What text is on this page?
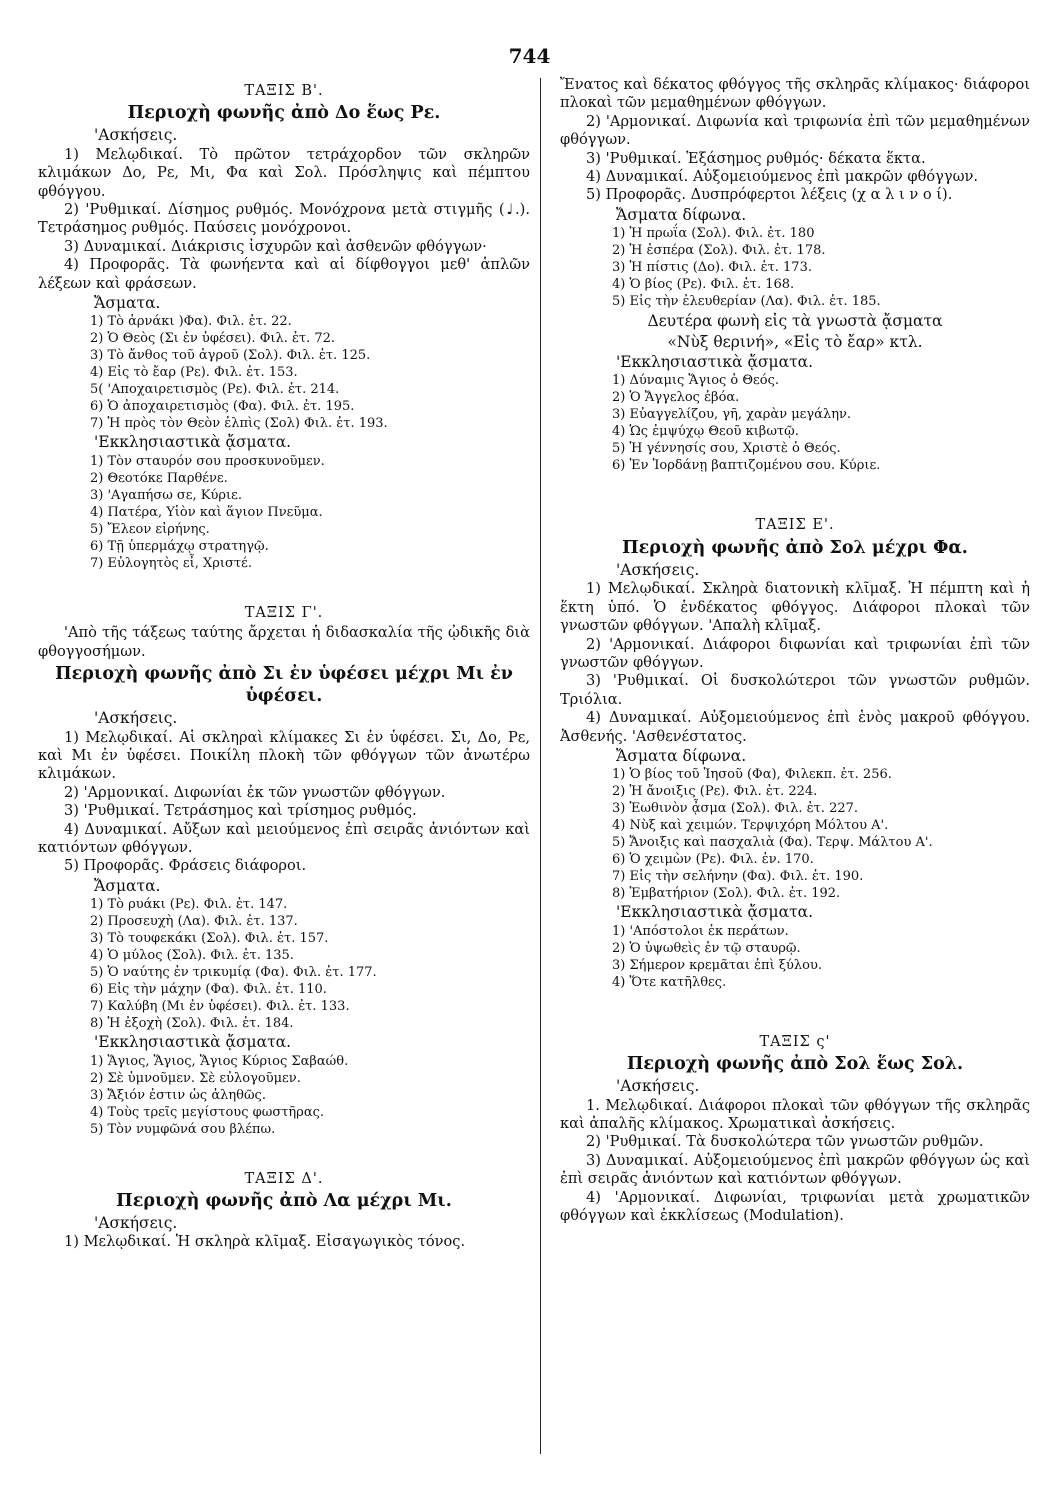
744
ΤΑΞΙΣ Β'.
Περιοχὴ φωνῆς ἀπὸ Δο ἕως Ρε.
'Ασκήσεις.

1) Μελῳδικαί. Τὸ πρῶτον τετράχορδον τῶν σκληρῶν κλιμάκων Δο, Ρε, Μι, Φα καὶ Σολ. Πρόσληψις καὶ πέμπτου φθόγγου.

2) 'Ρυθμικαί. Δίσημος ρυθμός. Μονόχρονα μετὰ στιγμῆς (♩.). Τετράσημος ρυθμός. Παύσεις μονόχρονοι.

3) Δυναμικαί. Διάκρισις ἰσχυρῶν καὶ ἀσθενῶν φθόγγων·

4) Προφορᾶς. Τὰ φωνήεντα καὶ αἱ δίφθογγοι μεθ' ἁπλῶν λέξεων καὶ φράσεων.

Ἄσματα.
1) Τὸ ἀρνάκι )Φα). Φιλ. ἐτ. 22.
2) Ὁ Θεὸς (Σι ἐν ὑφέσει). Φιλ. ἐτ. 72.
3) Τὸ ἄνθος τοῦ ἀγροῦ (Σολ). Φιλ. ἐτ. 125.
4) Εἰς τὸ ἔαρ (Ρε). Φιλ. ἐτ. 153.
5( 'Αποχαιρετισμὸς (Ρε). Φιλ. ἐτ. 214.
6) Ὁ ἀποχαιρετισμὸς (Φα). Φιλ. ἐτ. 195.
7) Ἡ πρὸς τὸν Θεὸν ἐλπὶς (Σολ) Φιλ. ἐτ. 193.
'Εκκλησιαστικὰ ᾄσματα.
1) Τὸν σταυρόν σου προσκυνοῦμεν.
2) Θεοτόκε Παρθένε.
3) 'Αγαπήσω σε, Κύριε.
4) Πατέρα, Υἱὸν καὶ ἅγιον Πνεῦμα.
5) Ἔλεον εἰρήνης.
6) Τῇ ὑπερμάχῳ στρατηγῷ.
7) Εὐλογητὸς εἶ, Χριστέ.
ΤΑΞΙΣ Γ'.

'Απὸ τῆς τάξεως ταύτης ἄρχεται ἡ διδασκαλία τῆς ᾠδικῆς διὰ φθογγοσήμων.

Περιοχὴ φωνῆς ἀπὸ Σι ἐν ὑφέσει μέχρι Μι ἐν ὑφέσει.
'Ασκήσεις.

1) Μελῳδικαί. Αἱ σκληραὶ κλίμακες Σι ἐν ὑφέσει. Σι, Δο, Ρε, καὶ Μι ἐν ὑφέσει. Ποικίλη πλοκὴ τῶν φθόγγων τῶν ἀνωτέρω κλιμάκων.

2) 'Αρμονικαί. Διφωνίαι ἐκ τῶν γνωστῶν φθόγγων.

3) 'Ρυθμικαί. Τετράσημος καὶ τρίσημος ρυθμός.

4) Δυναμικαί. Αὔξων καὶ μειούμενος ἐπὶ σειρᾶς ἀνιόντων καὶ κατιόντων φθόγγων.

5) Προφορᾶς. Φράσεις διάφοροι.

Ἄσματα.
1) Τὸ ρυάκι (Ρε). Φιλ. ἐτ. 147.
2) Προσευχὴ (Λα). Φιλ. ἐτ. 137.
3) Τὸ τουφεκάκι (Σολ). Φιλ. ἐτ. 157.
4) Ὁ μύλος (Σολ). Φιλ. ἐτ. 135.
5) Ὁ ναύτης ἐν τρικυμίᾳ (Φα). Φιλ. ἐτ. 177.
6) Εἰς τὴν μάχην (Φα). Φιλ. ἐτ. 110.
7) Καλύβη (Μι ἐν ὑφέσει). Φιλ. ἐτ. 133.
8) Ἡ ἐξοχὴ (Σολ). Φιλ. ἐτ. 184.
'Εκκλησιαστικὰ ᾄσματα.
1) Ἅγιος, Ἅγιος, Ἅγιος Κύριος Σαβαώθ.
2) Σὲ ὑμνοῦμεν. Σὲ εὐλογοῦμεν.
3) Ἄξιόν ἐστιν ὡς ἀληθῶς.
4) Τοὺς τρεῖς μεγίστους φωστῆρας.
5) Τὸν νυμφῶνά σου βλέπω.
ΤΑΞΙΣ Δ'.
Περιοχὴ φωνῆς ἀπὸ Λα μέχρι Μι.
'Ασκήσεις.

1) Μελῳδικαί. Ἡ σκληρὰ κλῖμαξ. Εἰσαγωγικὸς τόνος.

Ἔνατος καὶ δέκατος φθόγγος τῆς σκληρᾶς κλίμακος· διάφοροι πλοκαὶ τῶν μεμαθημένων φθόγγων.

2) 'Αρμονικαί. Διφωνία καὶ τριφωνία ἐπὶ τῶν μεμαθημένων φθόγγων.

3) 'Ρυθμικαί. Ἑξάσημος ρυθμός· δέκατα ἕκτα.

4) Δυναμικαί. Αὐξομειούμενος ἐπὶ μακρῶν φθόγγων.

5) Προφορᾶς. Δυσπρόφερτοι λέξεις (χ α λ ι ν ο ί).

Ἄσματα δίφωνα.
1) Ἡ πρωΐα (Σολ). Φιλ. ἐτ. 180
2) Ἡ ἑσπέρα (Σολ). Φιλ. ἐτ. 178.
3) Ἡ πίστις (Δο). Φιλ. ἐτ. 173.
4) Ὁ βίος (Ρε). Φιλ. ἐτ. 168.
5) Εἰς τὴν ἐλευθερίαν (Λα). Φιλ. ἐτ. 185.
Δευτέρα φωνὴ εἰς τὰ γνωστὰ ᾄσματα
«Νὺξ θερινή», «Εἰς τὸ ἔαρ» κτλ.
'Εκκλησιαστικὰ ᾄσματα.
1) Δύναμις Ἅγιος ὁ Θεός.
2) Ὁ Ἄγγελος ἐβόα.
3) Εὐαγγελίζου, γῆ, χαρὰν μεγάλην.
4) Ὡς ἐμψύχῳ Θεοῦ κιβωτῷ.
5) Ἡ γέννησίς σου, Χριστὲ ὁ Θεός.
6) Ἐν Ἰορδάνῃ βαπτιζομένου σου. Κύριε.
ΤΑΞΙΣ Ε'.
Περιοχὴ φωνῆς ἀπὸ Σολ μέχρι Φα.
'Ασκήσεις.

1) Μελῳδικαί. Σκληρὰ διατονικὴ κλῖμαξ. Ἡ πέμπτη καὶ ἡ ἕκτη ὑπό. Ὁ ἑνδέκατος φθόγγος. Διάφοροι πλοκαὶ τῶν γνωστῶν φθόγγων. 'Απαλὴ κλῖμαξ.

2) 'Αρμονικαί. Διάφοροι διφωνίαι καὶ τριφωνίαι ἐπὶ τῶν γνωστῶν φθόγγων.

3) 'Ρυθμικαί. Οἱ δυσκολώτεροι τῶν γνωστῶν ρυθμῶν. Τριόλια.

4) Δυναμικαί. Αὐξομειούμενος ἐπὶ ἑνὸς μακροῦ φθόγγου. Ἀσθενής. 'Ασθενέστατος.

Ἄσματα δίφωνα.
1) Ὁ βίος τοῦ Ἰησοῦ (Φα), Φιλεκπ. ἐτ. 256.
2) Ἡ ἄνοιξις (Ρε). Φιλ. ἐτ. 224.
3) Ἑωθινὸν ᾆσμα (Σολ). Φιλ. ἐτ. 227.
4) Νὺξ καὶ χειμών. Τερψιχόρη Μόλτου Α'.
5) Ἄνοιξις καὶ πασχαλιὰ (Φα). Τερψ. Μάλτου Α'.
6) Ὁ χειμὼν (Ρε). Φιλ. ἐν. 170.
7) Εἰς τὴν σελήνην (Φα). Φιλ. ἐτ. 190.
8) Ἐμβατήριον (Σολ). Φιλ. ἐτ. 192.
'Εκκλησιαστικὰ ᾄσματα.
1) 'Απόστολοι ἐκ περάτων.
2) Ὁ ὑψωθεὶς ἐν τῷ σταυρῷ.
3) Σήμερον κρεμᾶται ἐπὶ ξύλου.
4) Ὅτε κατῆλθες.
ΤΑΞΙΣ ς'
Περιοχὴ φωνῆς ἀπὸ Σολ ἕως Σολ.
'Ασκήσεις.

1. Μελῳδικαί. Διάφοροι πλοκαὶ τῶν φθόγγων τῆς σκληρᾶς καὶ ἀπαλῆς κλίμακος. Χρωματικαὶ ἀσκήσεις.

2) 'Ρυθμικαί. Τὰ δυσκολώτερα τῶν γνωστῶν ρυθμῶν.

3) Δυναμικαί. Αὐξομειούμενος ἐπὶ μακρῶν φθόγγων ὡς καὶ ἐπὶ σειρᾶς ἀνιόντων καὶ κατιόντων φθόγγων.

4) 'Αρμονικαί. Διφωνίαι, τριφωνίαι μετὰ χρωματικῶν φθόγγων καὶ ἐκκλίσεως (Modulation).
